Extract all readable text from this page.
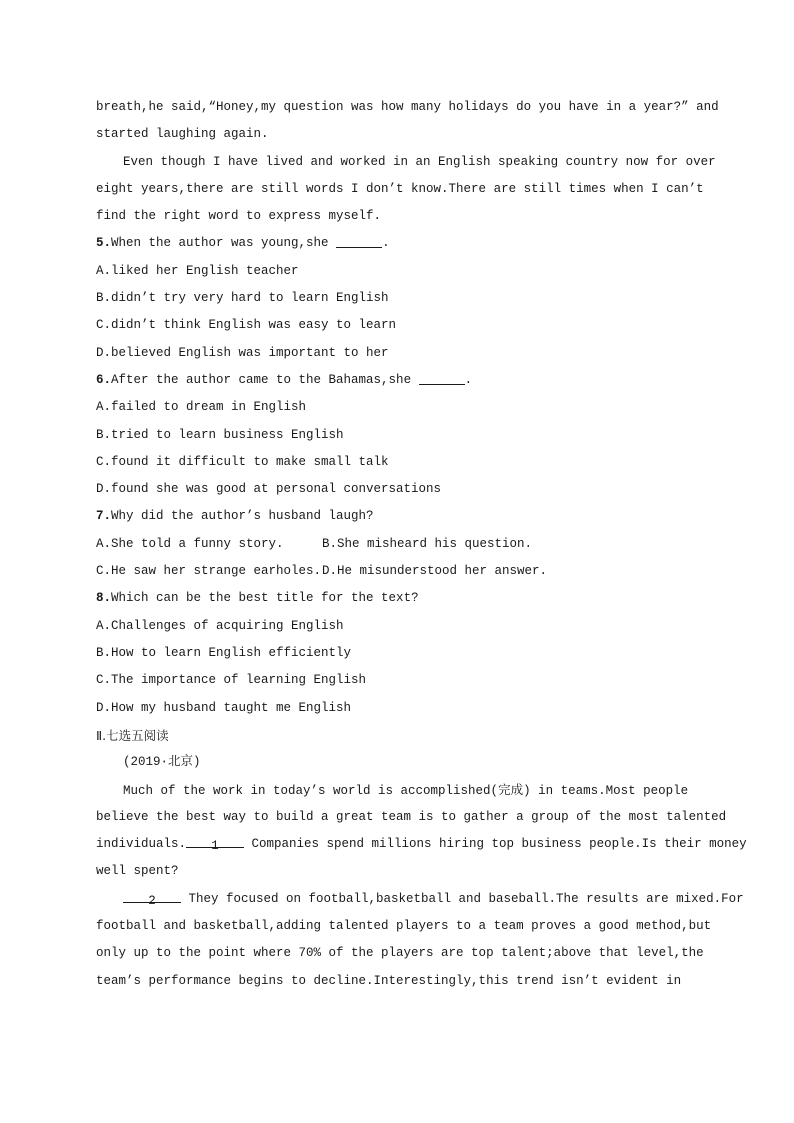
breath,he said,“Honey,my question was how many holidays do you have in a year?” and
started laughing again.
Even though I have lived and worked in an English speaking country now for over
eight years,there are still words I don’t know.There are still times when I can’t
find the right word to express myself.
5.When the author was young,she	.
A.liked her English teacher
B.didn’t try very hard to learn English
C.didn’t think English was easy to learn
D.believed English was important to her
6.After the author came to the Bahamas,she	.
A.failed to dream in English
B.tried to learn business English
C.found it difficult to make small talk
D.found she was good at personal conversations
7.Why did the author’s husband laugh?
A.She told a funny story.	B.She misheard his question.
C.He saw her strange earholes. D.He misunderstood her answer.
8.Which can be the best title for the text?
A.Challenges of acquiring English
B.How to learn English efficiently
C.The importance of learning English
D.How my husband taught me English
Ⅱ.七选五阅读
(2019·北京)
Much of the work in today’s world is accomplished(完成) in teams.Most people
believe the best way to build a great team is to gather a group of the most talented
individuals. 1 Companies spend millions hiring top business people.Is their money
well spent?
2 They focused on football,basketball and baseball.The results are mixed.For
football and basketball,adding talented players to a team proves a good method,but
only up to the point where 70% of the players are top talent;above that level,the
team’s performance begins to decline.Interestingly,this trend isn’t evident in
